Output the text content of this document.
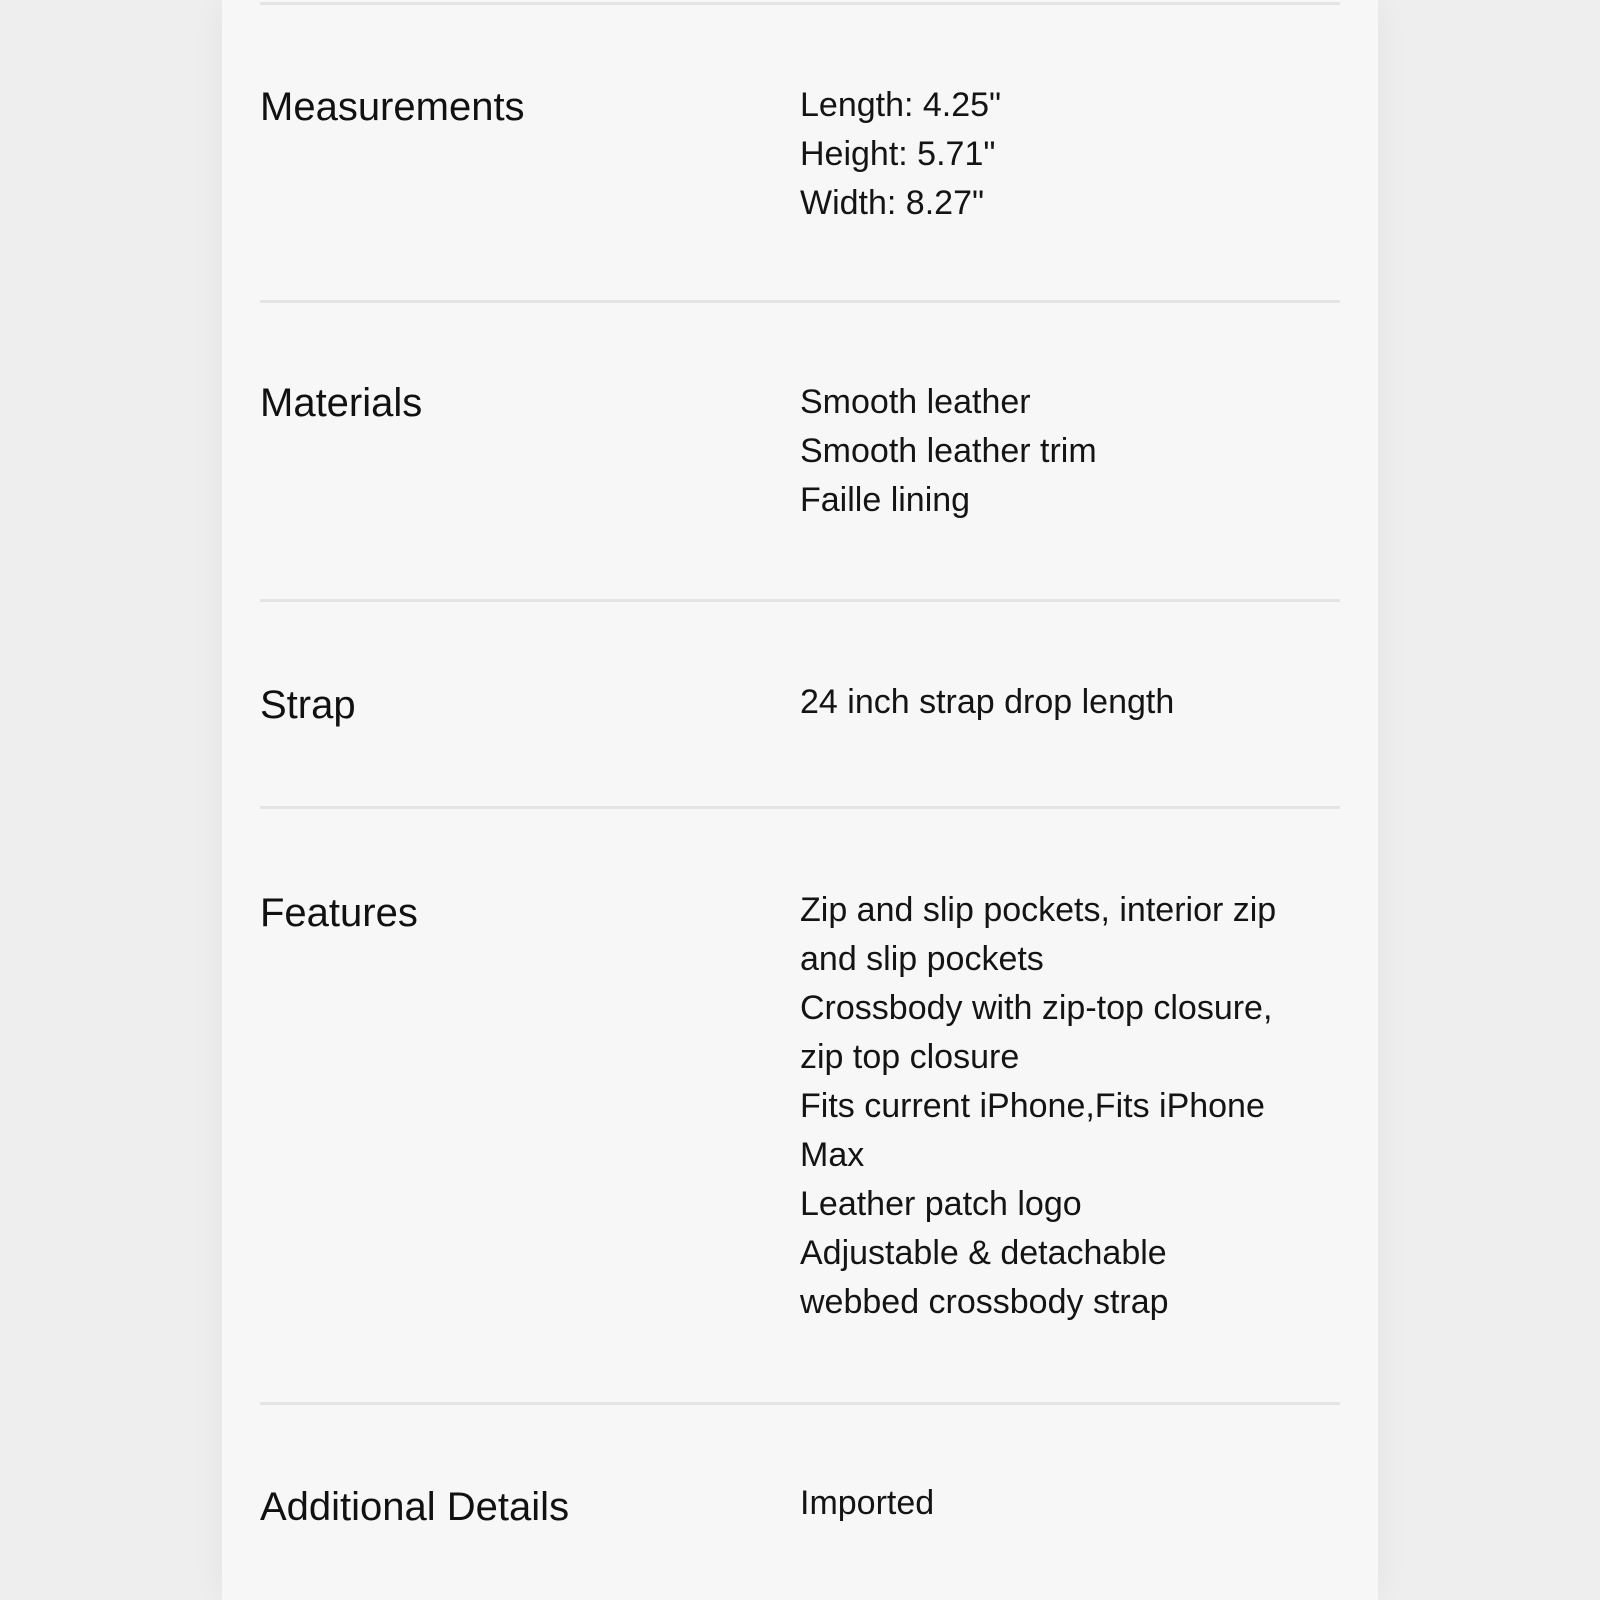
Measurements	Length: 4.25"
Height: 5.71"
Width: 8.27"
Materials	Smooth leather
Smooth leather trim
Faille lining
Strap	24 inch strap drop length
Features	Zip and slip pockets, interior zip
and slip pockets
Crossbody with zip-top closure,
zip top closure
Fits current iPhone,Fits iPhone
Max
Leather patch logo
Adjustable & detachable
webbed crossbody strap
Additional Details	Imported
